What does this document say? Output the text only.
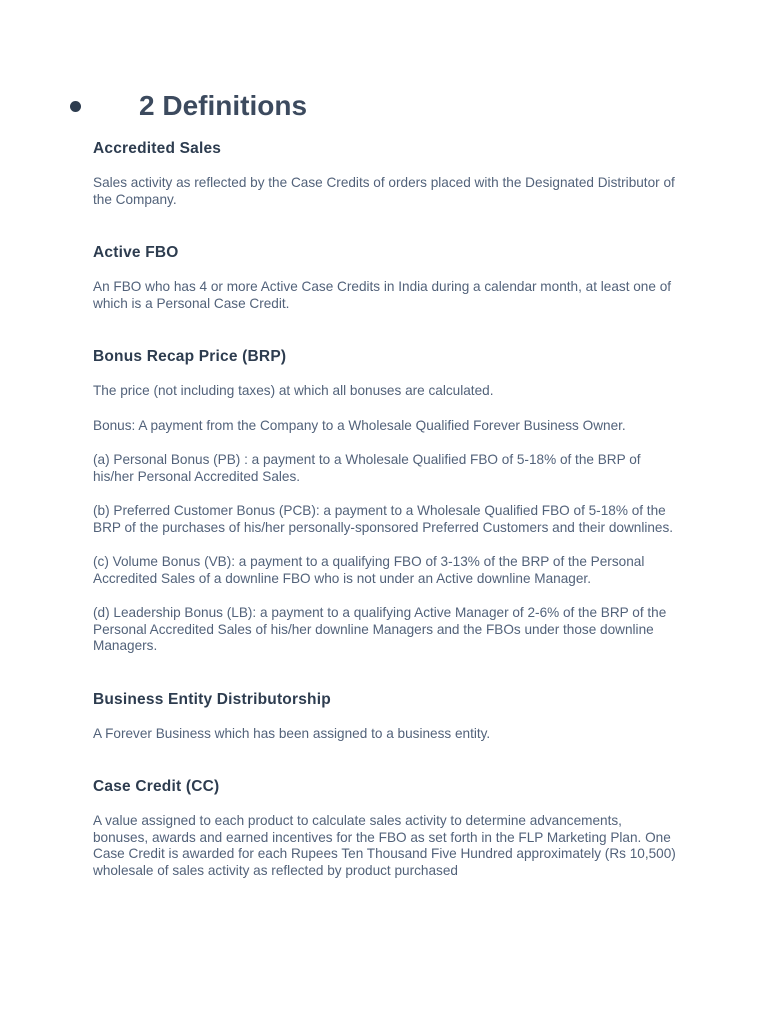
2 Definitions
Accredited Sales

Sales activity as reflected by the Case Credits of orders placed with the Designated Distributor of the Company.

Active FBO

An FBO who has 4 or more Active Case Credits in India during a calendar month, at least one of which is a Personal Case Credit.

Bonus Recap Price (BRP)

The price (not including taxes) at which all bonuses are calculated.

Bonus: A payment from the Company to a Wholesale Qualified Forever Business Owner.

(a) Personal Bonus (PB) : a payment to a Wholesale Qualified FBO of 5-18% of the BRP of his/her Personal Accredited Sales.

(b) Preferred Customer Bonus (PCB): a payment to a Wholesale Qualified FBO of 5-18% of the BRP of the purchases of his/her personally-sponsored Preferred Customers and their downlines.

(c) Volume Bonus (VB): a payment to a qualifying FBO of 3-13% of the BRP of the Personal Accredited Sales of a downline FBO who is not under an Active downline Manager.

(d) Leadership Bonus (LB): a payment to a qualifying Active Manager of 2-6% of the BRP of the Personal Accredited Sales of his/her downline Managers and the FBOs under those downline Managers.

Business Entity Distributorship

A Forever Business which has been assigned to a business entity.

Case Credit (CC)

A value assigned to each product to calculate sales activity to determine advancements, bonuses, awards and earned incentives for the FBO as set forth in the FLP Marketing Plan. One Case Credit is awarded for each Rupees Ten Thousand Five Hundred approximately (Rs 10,500) wholesale of sales activity as reflected by product purchased
